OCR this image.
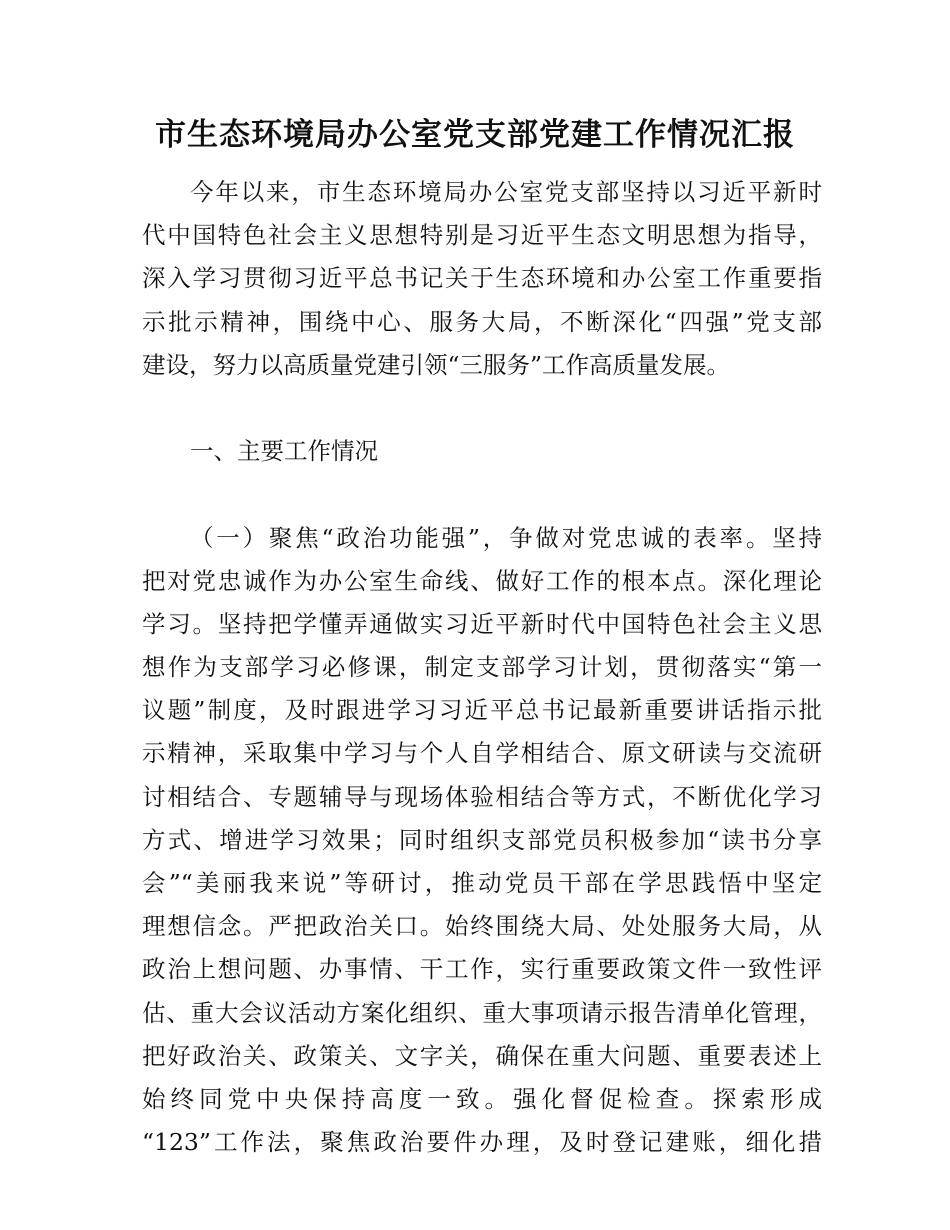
市生态环境局办公室党支部党建工作情况汇报
今年以来，市生态环境局办公室党支部坚持以习近平新时
代中国特色社会主义思想特别是习近平生态文明思想为指导，
深入学习贯彻习近平总书记关于生态环境和办公室工作重要指
示批示精神，围绕中心、服务大局，不断深化“四强”党支部
建设，努力以高质量党建引领“三服务”工作高质量发展。
一、主要工作情况
（一）聚焦“政治功能强”，争做对党忠诚的表率。坚持
把对党忠诚作为办公室生命线、做好工作的根本点。深化理论
学习。坚持把学懂弄通做实习近平新时代中国特色社会主义思
想作为支部学习必修课，制定支部学习计划，贯彻落实“第一
议题”制度，及时跟进学习习近平总书记最新重要讲话指示批
示精神，采取集中学习与个人自学相结合、原文研读与交流研
讨相结合、专题辅导与现场体验相结合等方式，不断优化学习
方式、增进学习效果；同时组织支部党员积极参加“读书分享
会”“美丽我来说”等研讨，推动党员干部在学思践悟中坚定
理想信念。严把政治关口。始终围绕大局、处处服务大局，从
政治上想问题、办事情、干工作，实行重要政策文件一致性评
估、重大会议活动方案化组织、重大事项请示报告清单化管理，
把好政治关、政策关、文字关，确保在重大问题、重要表述上
始终同党中央保持高度一致。强化督促检查。探索形成
“123”工作法，聚焦政治要件办理，及时登记建账，细化措
